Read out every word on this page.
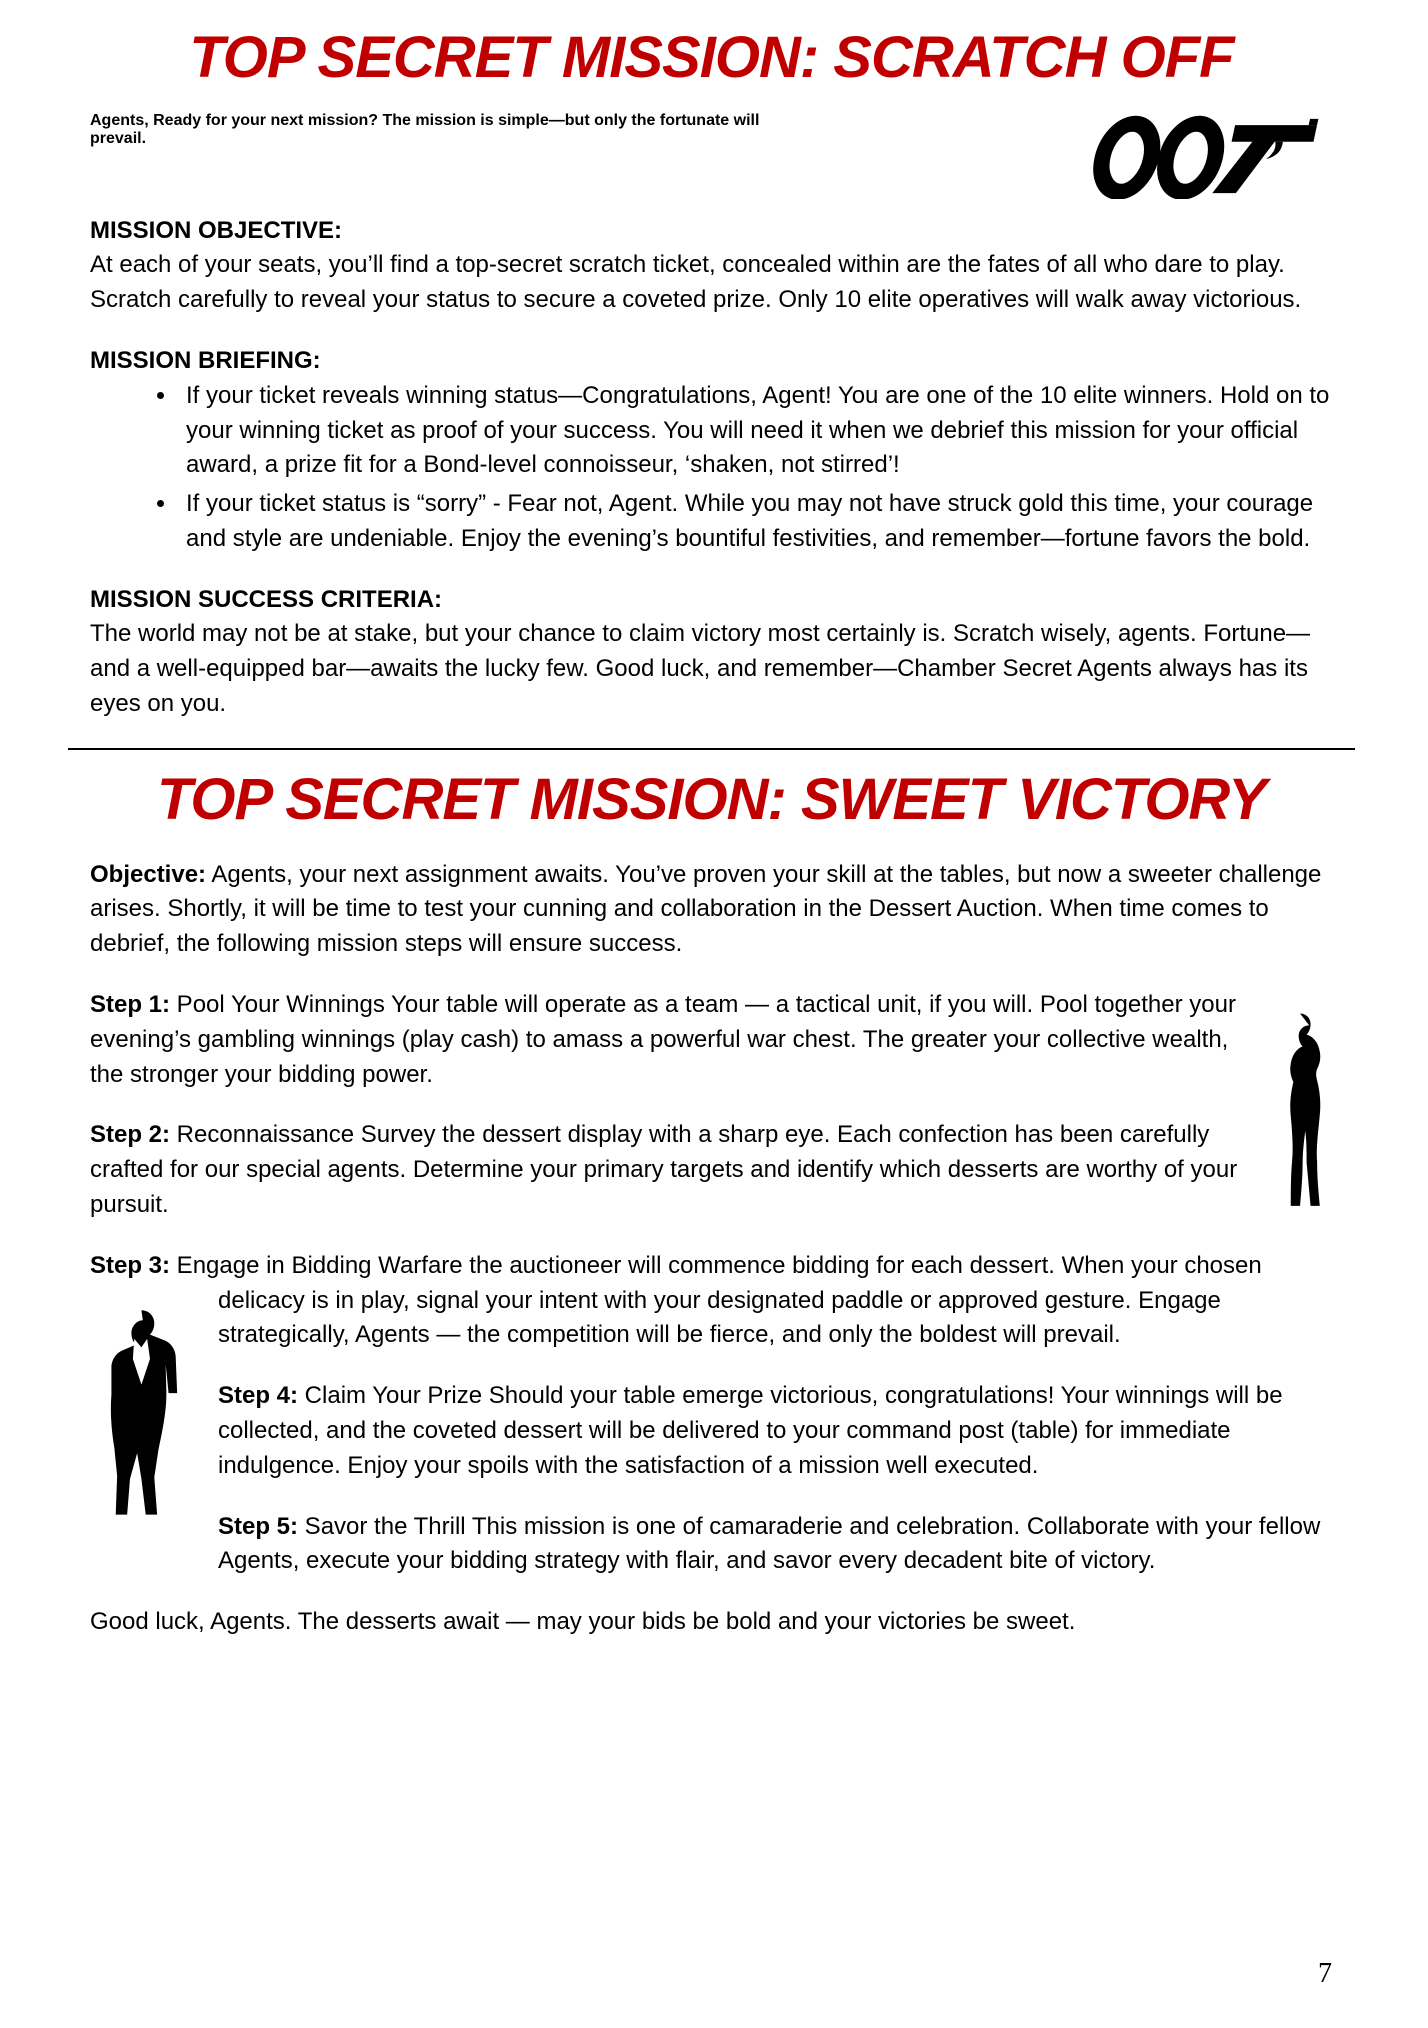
TOP SECRET MISSION: SCRATCH OFF
Agents, Ready for your next mission? The mission is simple—but only the fortunate will prevail.

MISSION OBJECTIVE:

At each of your seats, you’ll find a top-secret scratch ticket, concealed within are the fates of all who dare to play. Scratch carefully to reveal your status to secure a coveted prize. Only 10 elite operatives will walk away victorious.

MISSION BRIEFING:

• If your ticket reveals winning status—Congratulations, Agent! You are one of the 10 elite winners. Hold on to your winning ticket as proof of your success. You will need it when we debrief this mission for your official award, a prize fit for a Bond-level connoisseur, ‘shaken, not stirred’!
• If your ticket status is “sorry” - Fear not, Agent. While you may not have struck gold this time, your courage and style are undeniable. Enjoy the evening’s bountiful festivities, and remember—fortune favors the bold.

MISSION SUCCESS CRITERIA:

The world may not be at stake, but your chance to claim victory most certainly is. Scratch wisely, agents. Fortune—and a well-equipped bar—awaits the lucky few. Good luck, and remember—Chamber Secret Agents always has its eyes on you.

TOP SECRET MISSION: SWEET VICTORY

Objective: Agents, your next assignment awaits. You’ve proven your skill at the tables, but now a sweeter challenge arises. Shortly, it will be time to test your cunning and collaboration in the Dessert Auction. When time comes to debrief, the following mission steps will ensure success.

Step 1: Pool Your Winnings Your table will operate as a team — a tactical unit, if you will. Pool together your evening’s gambling winnings (play cash) to amass a powerful war chest. The greater your collective wealth, the stronger your bidding power.

Step 2: Reconnaissance Survey the dessert display with a sharp eye. Each confection has been carefully crafted for our special agents. Determine your primary targets and identify which desserts are worthy of your pursuit.

Step 3: Engage in Bidding Warfare the auctioneer will commence bidding for each dessert. When your chosen delicacy is in play, signal your intent with your designated paddle
or approved gesture. Engage strategically, Agents — the competition will be fierce, and only the boldest will prevail.

Step 4: Claim Your Prize Should your table emerge victorious, congratulations! Your winnings will be collected, and the coveted dessert will be delivered to your command post (table) for immediate indulgence. Enjoy your spoils with the satisfaction of a mission well executed.

Step 5: Savor the Thrill This mission is one of camaraderie and celebration. Collaborate with your fellow Agents, execute your bidding strategy with flair, and savor every decadent bite of victory.

Good luck, Agents. The desserts await — may your bids be bold and your victories be sweet.

7
